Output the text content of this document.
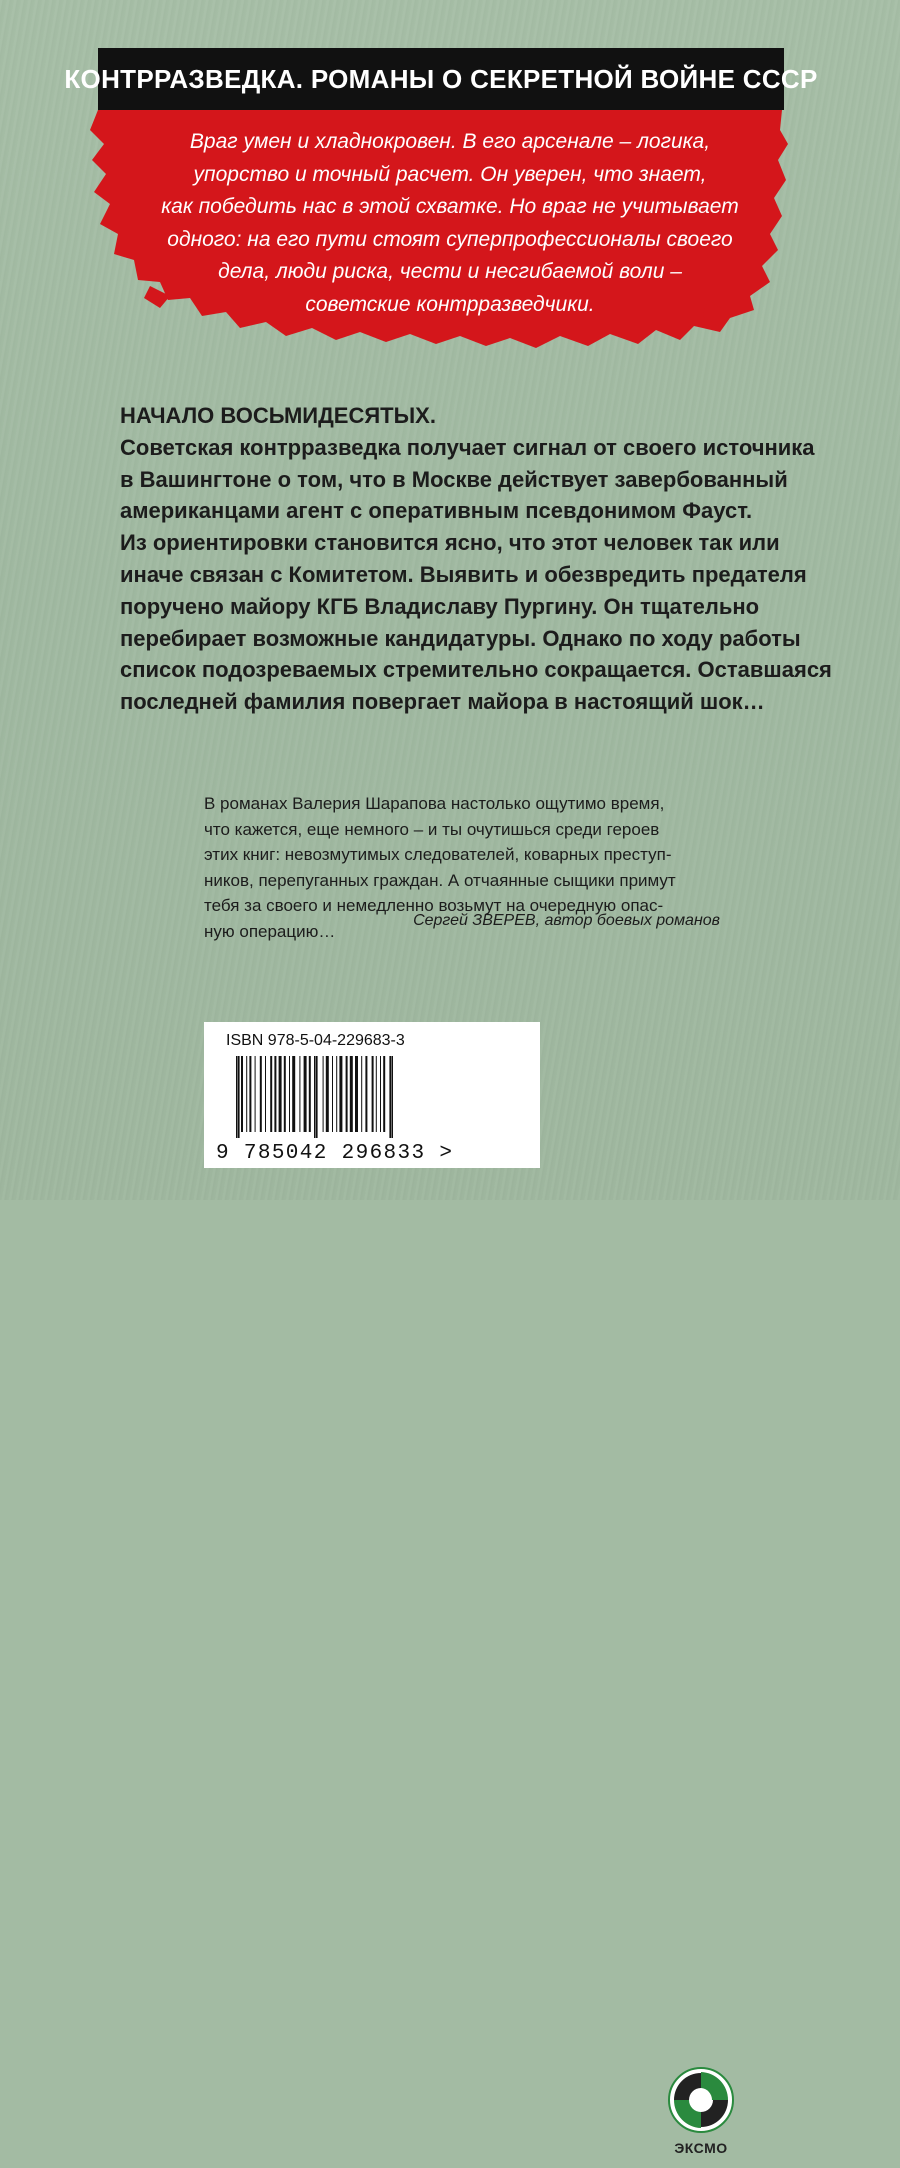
КОНТРРАЗВЕДКА. РОМАНЫ О СЕКРЕТНОЙ ВОЙНЕ СССР
Враг умен и хладнокровен. В его арсенале – логика,
упорство и точный расчет. Он уверен, что знает,
как победить нас в этой схватке. Но враг не учитывает
одного: на его пути стоят суперпрофессионалы своего
дела, люди риска, чести и несгибаемой воли –
советские контрразведчики.
НАЧАЛО ВОСЬМИДЕСЯТЫХ.
Советская контрразведка получает сигнал от своего источника
в Вашингтоне о том, что в Москве действует завербованный
американцами агент с оперативным псевдонимом Фауст.
Из ориентировки становится ясно, что этот человек так или
иначе связан с Комитетом. Выявить и обезвредить предателя
поручено майору КГБ Владиславу Пургину. Он тщательно
перебирает возможные кандидатуры. Однако по ходу работы
список подозреваемых стремительно сокращается. Оставшаяся
последней фамилия повергает майора в настоящий шок…
В романах Валерия Шарапова настолько ощутимо время,
что кажется, еще немного – и ты очутишься среди героев
этих книг: невозмутимых следователей, коварных преступ-
ников, перепуганных граждан. А отчаянные сыщики примут
тебя за своего и немедленно возьмут на очередную опас-
ную операцию…
Сергей ЗВЕРЕВ, автор боевых романов
ISBN 978-5-04-229683-3
9 785042 296833 >
ЭКСМО
